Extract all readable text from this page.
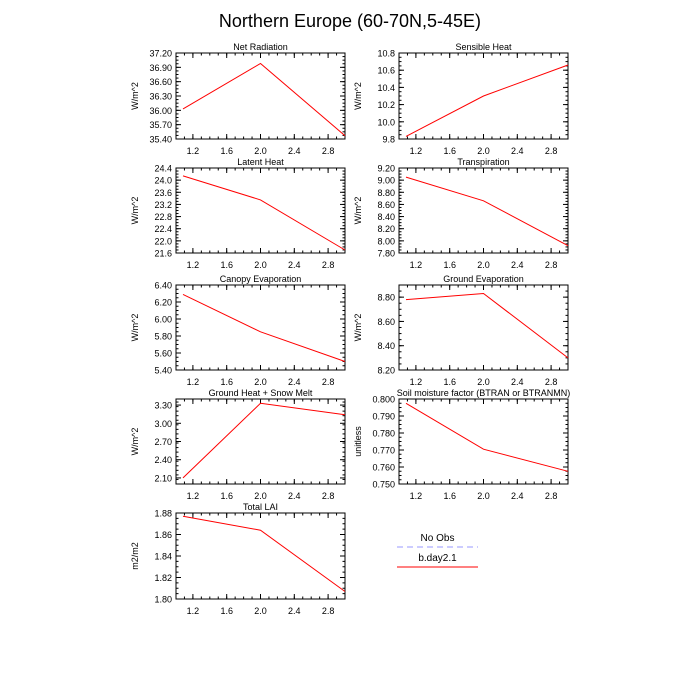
Northern Europe (60-70N,5-45E)
1.2 1.6 2.0 2.4 2.8
35.40
35.70
36.00
36.30
36.60
36.90
37.20
Net Radiation
W/m^2
1.2 1.6 2.0 2.4 2.8
9.8
10.0
10.2
10.4
10.6
10.8
Sensible Heat
W/m^2
1.2 1.6 2.0 2.4 2.8
21.6
22.0
22.4
22.8
23.2
23.6
24.0
24.4
Latent Heat
W/m^2
1.2 1.6 2.0 2.4 2.8
7.80
8.00
8.20
8.40
8.60
8.80
9.00
9.20
Transpiration
W/m^2
1.2 1.6 2.0 2.4 2.8
5.40
5.60
5.80
6.00
6.20
6.40
Canopy Evaporation
W/m^2
1.2 1.6 2.0 2.4 2.8
8.20
8.40
8.60
8.80
Ground Evaporation
W/m^2
1.2 1.6 2.0 2.4 2.8
2.10
2.40
2.70
3.00
3.30
Ground Heat + Snow Melt
W/m^2
1.2 1.6 2.0 2.4 2.8
0.750
0.760
0.770
0.780
0.790
0.800
Soil moisture factor (BTRAN or BTRANMN)
unitless
1.2 1.6 2.0 2.4 2.8
1.80
1.82
1.84
1.86
1.88
Total LAI
m2/m2
No Obs
b.day2.1
